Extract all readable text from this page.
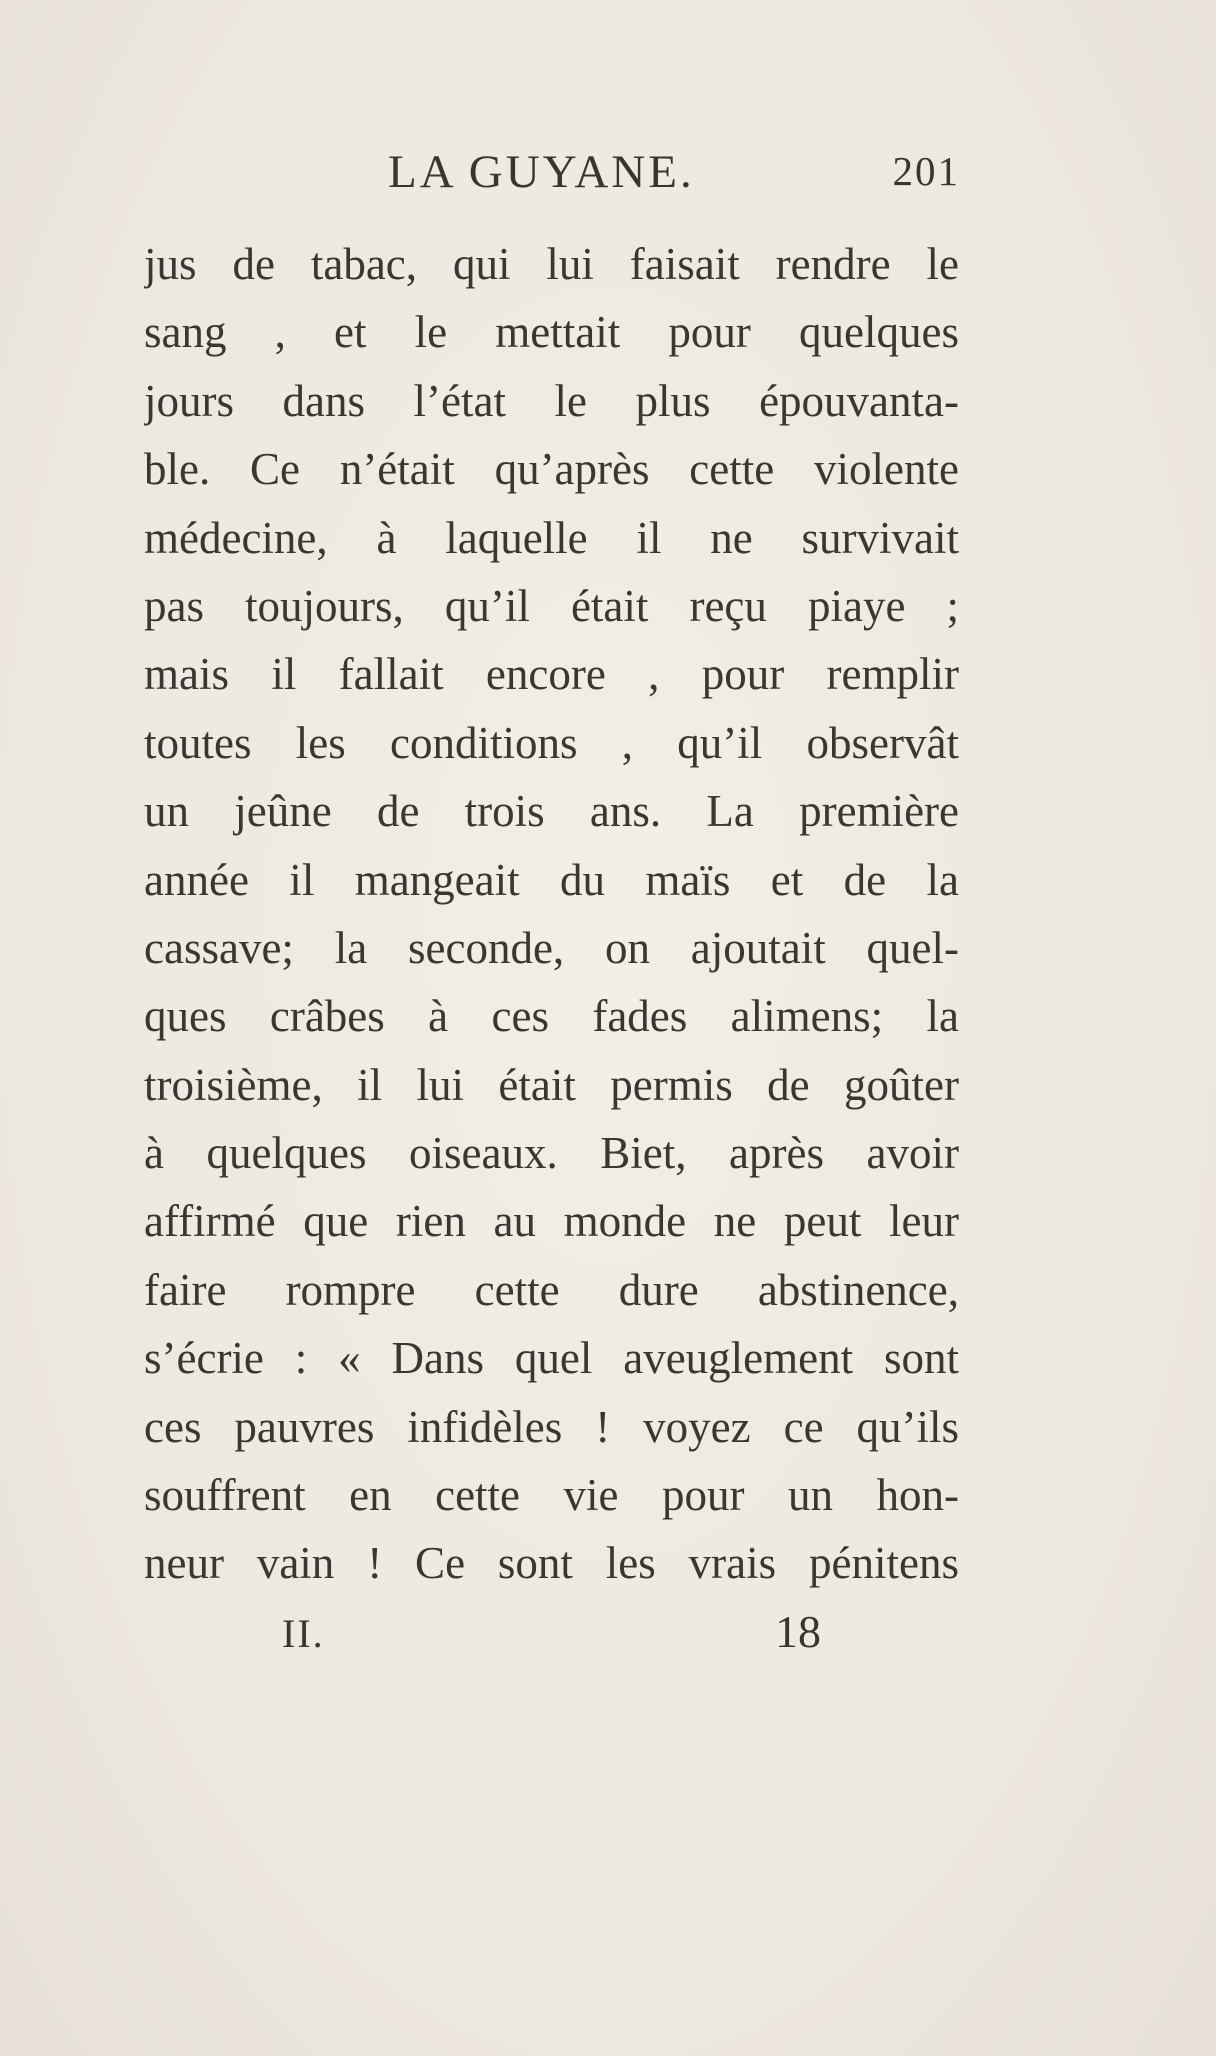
LA GUYANE.	201
jus de tabac, qui lui faisait rendre le
sang , et le mettait pour quelques
jours dans l’état le plus épouvanta-
ble. Ce n’était qu’après cette violente
médecine, à laquelle il ne survivait
pas toujours, qu’il était reçu piaye ;
mais il fallait encore , pour remplir
toutes les conditions , qu’il observât
un jeûne de trois ans. La première
année il mangeait du maïs et de la
cassave; la seconde, on ajoutait quel-
ques crâbes à ces fades alimens; la
troisième, il lui était permis de goûter
à quelques oiseaux. Biet, après avoir
affirmé que rien au monde ne peut leur
faire rompre cette dure abstinence,
s’écrie : « Dans quel aveuglement sont
ces pauvres infidèles ! voyez ce qu’ils
souffrent en cette vie pour un hon-
neur vain ! Ce sont les vrais pénitens
II.	18
